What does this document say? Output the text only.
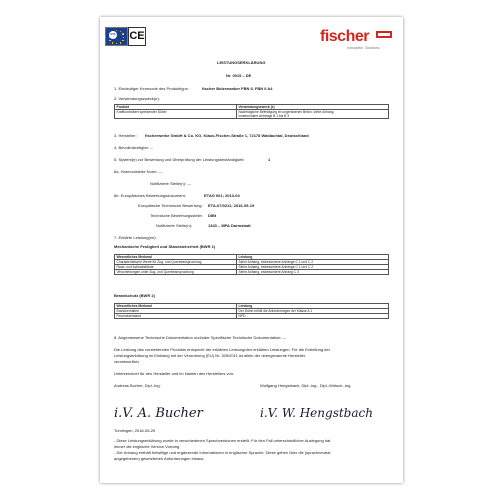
ETA CE	fischer
Innovation. Solutions.
LEISTUNGSERKLÄRUNG
Nr. 0015 – DE
1. Eindeutiger Kenncode des Produkttyps:	fischer Bolzenanker FBN II, FBN II A4
2. Verwendungszweck(e):
Produkt	Verwendungszweck (e)
Kraftkontrolliert spreizender Dübel	Nachträgliche Befestigung im ungerissenen Beton, siehe Anhang,
insbesondere Anhänge B 1 bis B 3
3. Hersteller: fischerwerke GmbH & Co. KG, Klaus-Fischer-Straße 1, 72178 Waldachtal, Deutschland
4. Bevollmächtigter: --
5. System(e) zur Bewertung und Überprüfung der Leistungsbeständigkeit:	1
6a. Harmonisierte Norm: ---
Notifizierte Stelle(n): ---
6b. Europäisches Bewertungsdokument:	ETAG 001; 2013-04
Europäische Technische Bewertung: ETA-07/0211; 2016-05-19
Technische Bewertungsstelle: DIBt
Notifizierte Stelle(n):	1343 – MPA Darmstadt
7. Erklärte Leistung(en):
Mechanische Festigkeit und Standsicherheit (BWR 1)
Wesentliches Merkmal	Leistung
Charakteristische Werte für Zug- und Querbeanspruchung	Siehe Anhang, insbesondere Anhänge C 1 und C 2
Rand- und Achsabstände	Siehe Anhang, insbesondere Anhänge C 1 und C 2
Verschiebungen unter Zug- und Querbeanspruchung	Siehe Anhang, insbesondere Anhang C 3
Brandschutz (BWR 2)
Wesentliches Merkmal	Leistung
Brandverhalten	Der Dübel erfüllt die Anforderungen der Klasse A 1
Feuerwiderstand	NPD
8. Angemessene Technische Dokumentation und/oder Spezifische Technische Dokumentation: ---
Die Leistung des vorstehenden Produkts entspricht der erklärten Leistung/den erklärten Leistungen. Für die Erstellung der
Leistungserklärung im Einklang mit der Verordnung (EU) Nr. 305/2011 ist allein der obengenannte Hersteller
verantwortlich.
Unterzeichnet für den Hersteller und im Namen des Herstellers von:
Andreas Bucher, Dipl.-Ing.	Wolfgang Hengstbach, Dipl.-Ing., Dipl.-Wirtsch.-Ing.
i.V. A. Bucher	i.V. W. Hengstbach
Tumlingen, 2016-05-25
- Diese Leistungserklärung wurde in verschiedenen Sprachversionen erstellt. Für den Fall unterschiedlicher Auslegung hat
immer die englische Version Vorrang.
- Der Anhang enthält freiwillige und ergänzende Informationen in englischer Sprache. Diese gehen über die (sprachneutral
angegebenen) gesetzlichen Anforderungen hinaus.
